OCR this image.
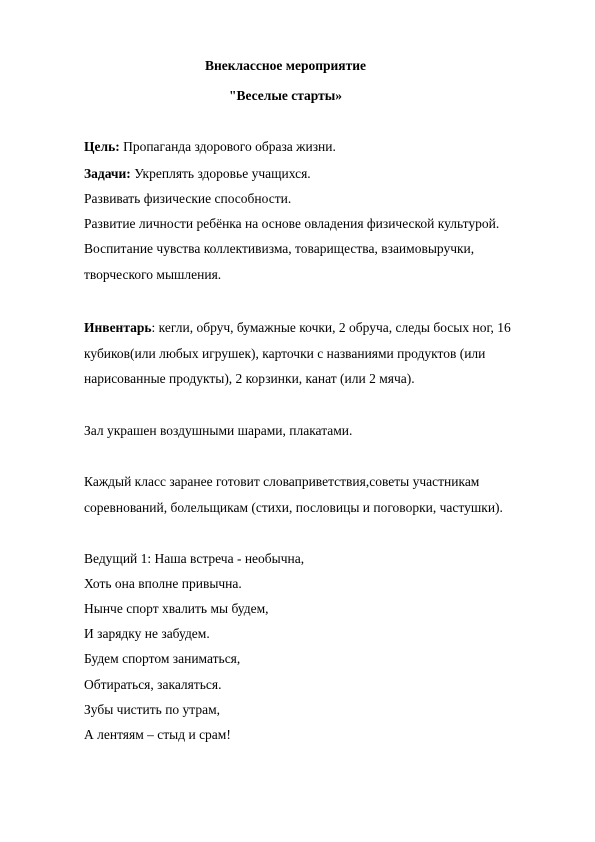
Внеклассное мероприятие
"Веселые старты»
Цель: Пропаганда здорового образа жизни.
Задачи: Укреплять здоровье учащихся.
Развивать физические способности.
Развитие личности ребёнка на основе овладения физической культурой.
Воспитание чувства коллективизма, товарищества, взаимовыручки,
творческого мышления.
Инвентарь: кегли, обруч, бумажные кочки, 2 обруча, следы босых ног, 16
кубиков(или любых игрушек), карточки с названиями продуктов (или
нарисованные продукты), 2 корзинки, канат (или 2 мяча).
Зал украшен воздушными шарами, плакатами.
Каждый класс заранее готовит словаприветствия,советы участникам
соревнований, болельщикам (стихи, пословицы и поговорки, частушки).
Ведущий 1: Наша встреча - необычна,
Хоть она вполне привычна.
Нынче спорт хвалить мы будем,
И зарядку не забудем.
Будем спортом заниматься,
Обтираться, закаляться.
Зубы чистить по утрам,
А лентяям – стыд и срам!
